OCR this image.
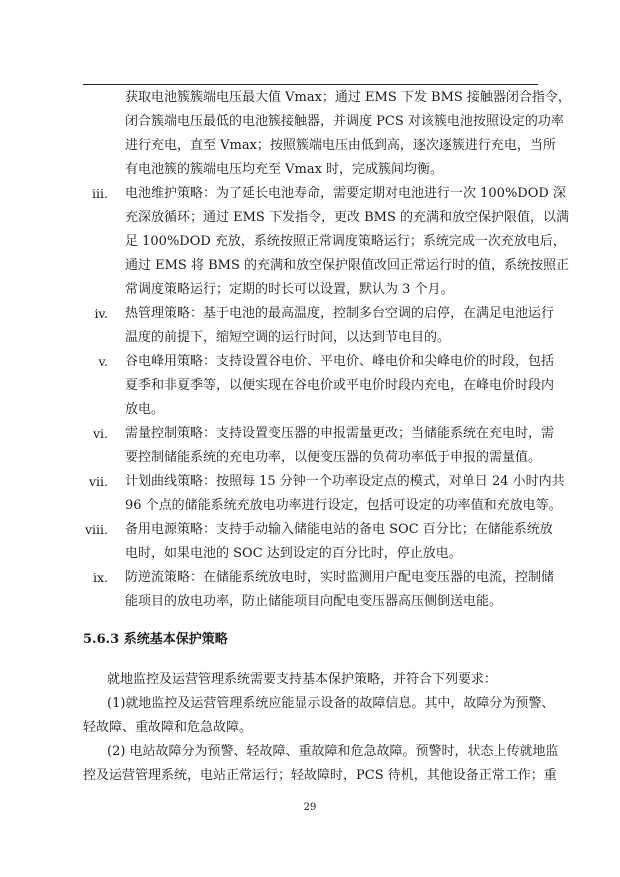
获取电池簇簇端电压最大值 Vmax；通过 EMS 下发 BMS 接触器闭合指令，
闭合簇端电压最低的电池簇接触器，并调度 PCS 对该簇电池按照设定的功率
进行充电，直至 Vmax；按照簇端电压由低到高，逐次逐簇进行充电，当所
有电池簇的簇端电压均充至 Vmax 时，完成簇间均衡。
iii. 电池维护策略：为了延长电池寿命，需要定期对电池进行一次 100%DOD 深
充深放循环；通过 EMS 下发指令，更改 BMS 的充满和放空保护限值，以满
足 100%DOD 充放，系统按照正常调度策略运行；系统完成一次充放电后，
通过 EMS 将 BMS 的充满和放空保护限值改回正常运行时的值，系统按照正
常调度策略运行；定期的时长可以设置，默认为 3 个月。
iv. 热管理策略：基于电池的最高温度，控制多台空调的启停，在满足电池运行
温度的前提下，缩短空调的运行时间，以达到节电目的。
v. 谷电峰用策略：支持设置谷电价、平电价、峰电价和尖峰电价的时段，包括
夏季和非夏季等，以便实现在谷电价或平电价时段内充电，在峰电价时段内
放电。
vi. 需量控制策略：支持设置变压器的申报需量更改；当储能系统在充电时，需
要控制储能系统的充电功率，以便变压器的负荷功率低于申报的需量值。
vii. 计划曲线策略：按照每 15 分钟一个功率设定点的模式，对单日 24 小时内共
96 个点的储能系统充放电功率进行设定，包括可设定的功率值和充放电等。
viii. 备用电源策略：支持手动输入储能电站的备电 SOC 百分比；在储能系统放
电时，如果电池的 SOC 达到设定的百分比时，停止放电。
ix. 防逆流策略：在储能系统放电时，实时监测用户配电变压器的电流，控制储
能项目的放电功率，防止储能项目向配电变压器高压侧倒送电能。
5.6.3 系统基本保护策略
就地监控及运营管理系统需要支持基本保护策略，并符合下列要求：
(1)就地监控及运营管理系统应能显示设备的故障信息。其中，故障分为预警、
轻故障、重故障和危急故障。
(2) 电站故障分为预警、轻故障、重故障和危急故障。预警时，状态上传就地监
控及运营管理系统，电站正常运行；轻故障时，PCS 待机，其他设备正常工作；重
29
